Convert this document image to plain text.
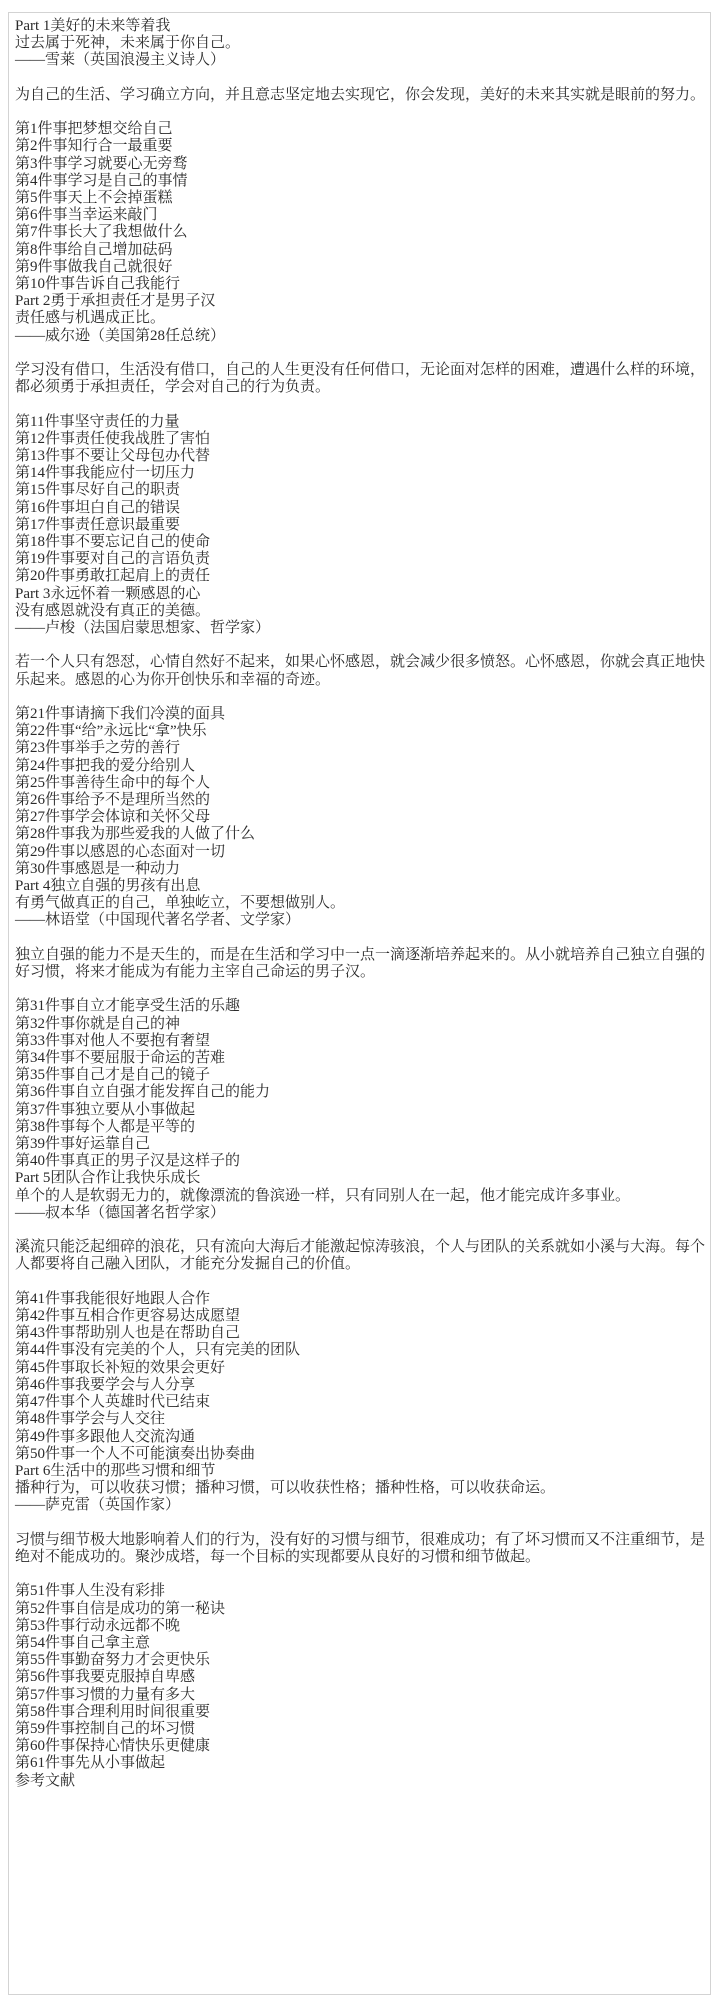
Part 1美好的未来等着我
过去属于死神，未来属于你自己。
——雪莱（英国浪漫主义诗人）
为自己的生活、学习确立方向，并且意志坚定地去实现它，你会发现，美好的未来其实就是眼前的努力。
第1件事把梦想交给自己
第2件事知行合一最重要
第3件事学习就要心无旁骛
第4件事学习是自己的事情
第5件事天上不会掉蛋糕
第6件事当幸运来敲门
第7件事长大了我想做什么
第8件事给自己增加砝码
第9件事做我自己就很好
第10件事告诉自己我能行
Part 2勇于承担责任才是男子汉
责任感与机遇成正比。
——威尔逊（美国第28任总统）
学习没有借口，生活没有借口，自己的人生更没有任何借口，无论面对怎样的困难，遭遇什么样的环境，都必须勇于承担责任，学会对自己的行为负责。
第11件事坚守责任的力量
第12件事责任使我战胜了害怕
第13件事不要让父母包办代替
第14件事我能应付一切压力
第15件事尽好自己的职责
第16件事坦白自己的错误
第17件事责任意识最重要
第18件事不要忘记自己的使命
第19件事要对自己的言语负责
第20件事勇敢扛起肩上的责任
Part 3永远怀着一颗感恩的心
没有感恩就没有真正的美德。
——卢梭（法国启蒙思想家、哲学家）
若一个人只有怨怼，心情自然好不起来，如果心怀感恩，就会减少很多愤怒。心怀感恩，你就会真正地快乐起来。感恩的心为你开创快乐和幸福的奇迹。
第21件事请摘下我们冷漠的面具
第22件事“给”永远比“拿”快乐
第23件事举手之劳的善行
第24件事把我的爱分给别人
第25件事善待生命中的每个人
第26件事给予不是理所当然的
第27件事学会体谅和关怀父母
第28件事我为那些爱我的人做了什么
第29件事以感恩的心态面对一切
第30件事感恩是一种动力
Part 4独立自强的男孩有出息
有勇气做真正的自己，单独屹立，不要想做别人。
——林语堂（中国现代著名学者、文学家）
独立自强的能力不是天生的，而是在生活和学习中一点一滴逐渐培养起来的。从小就培养自己独立自强的好习惯，将来才能成为有能力主宰自己命运的男子汉。
第31件事自立才能享受生活的乐趣
第32件事你就是自己的神
第33件事对他人不要抱有奢望
第34件事不要屈服于命运的苦难
第35件事自己才是自己的镜子
第36件事自立自强才能发挥自己的能力
第37件事独立要从小事做起
第38件事每个人都是平等的
第39件事好运靠自己
第40件事真正的男子汉是这样子的
Part 5团队合作让我快乐成长
单个的人是软弱无力的，就像漂流的鲁滨逊一样，只有同别人在一起，他才能完成许多事业。
——叔本华（德国著名哲学家）
溪流只能泛起细碎的浪花，只有流向大海后才能激起惊涛骇浪，个人与团队的关系就如小溪与大海。每个人都要将自己融入团队，才能充分发掘自己的价值。
第41件事我能很好地跟人合作
第42件事互相合作更容易达成愿望
第43件事帮助别人也是在帮助自己
第44件事没有完美的个人，只有完美的团队
第45件事取长补短的效果会更好
第46件事我要学会与人分享
第47件事个人英雄时代已结束
第48件事学会与人交往
第49件事多跟他人交流沟通
第50件事一个人不可能演奏出协奏曲
Part 6生活中的那些习惯和细节
播种行为，可以收获习惯；播种习惯，可以收获性格；播种性格，可以收获命运。
——萨克雷（英国作家）
习惯与细节极大地影响着人们的行为，没有好的习惯与细节，很难成功；有了坏习惯而又不注重细节，是绝对不能成功的。聚沙成塔，每一个目标的实现都要从良好的习惯和细节做起。
第51件事人生没有彩排
第52件事自信是成功的第一秘诀
第53件事行动永远都不晚
第54件事自己拿主意
第55件事勤奋努力才会更快乐
第56件事我要克服掉自卑感
第57件事习惯的力量有多大
第58件事合理利用时间很重要
第59件事控制自己的坏习惯
第60件事保持心情快乐更健康
第61件事先从小事做起
参考文献
